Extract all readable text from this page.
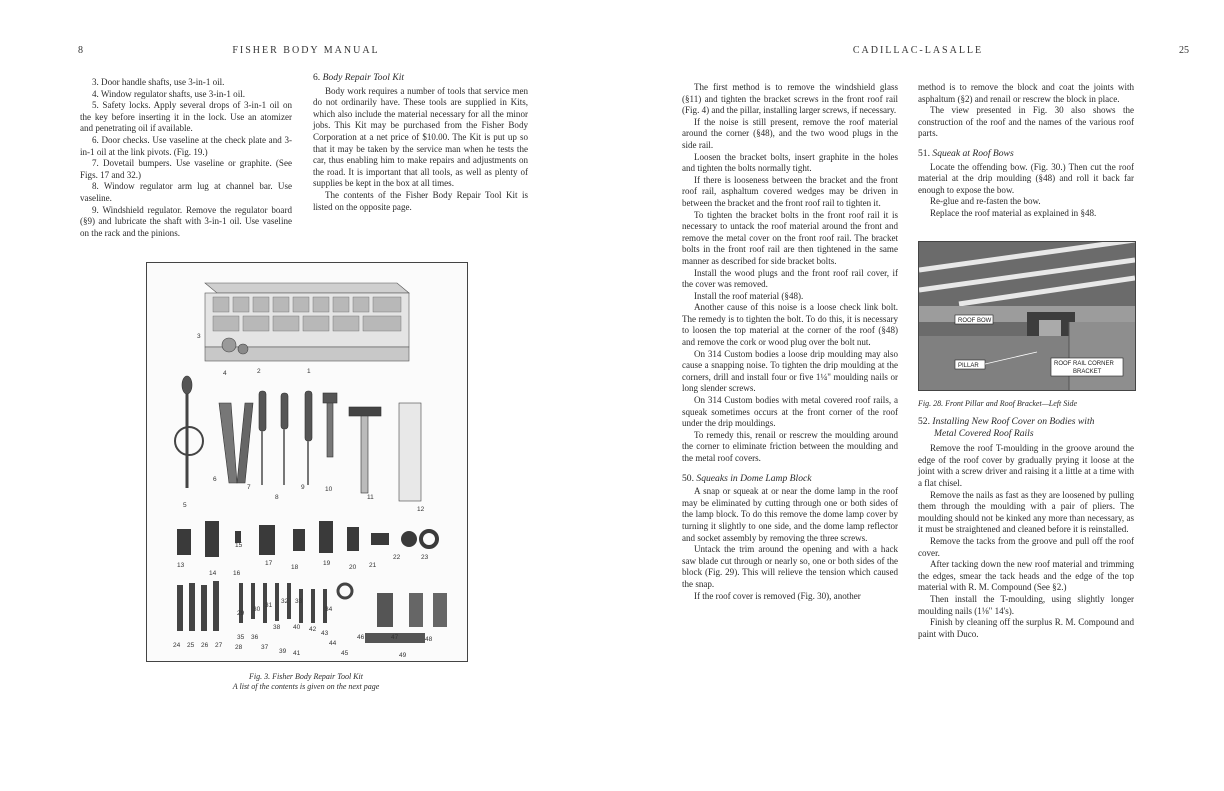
8	FISHER BODY MANUAL

3. Door handle shafts, use 3-in-1 oil.

4. Window regulator shafts, use 3-in-1 oil.

5. Safety locks. Apply several drops of 3-in-1 oil on the key before inserting it in the lock. Use an atomizer and penetrating oil if available.

6. Door checks. Use vaseline at the check plate and 3-in-1 oil at the link pivots. (Fig. 19.)

7. Dovetail bumpers. Use vaseline or graphite. (See Figs. 17 and 32.)

8. Window regulator arm lug at channel bar. Use vaseline.

9. Windshield regulator. Remove the regulator board (§9) and lubricate the shaft with 3-in-1 oil. Use vaseline on the rack and the pinions.

6. Body Repair Tool Kit

Body work requires a number of tools that service men do not ordinarily have. These tools are supplied in Kits, which also include the material necessary for all the minor jobs. This Kit may be purchased from the Fisher Body Corporation at a net price of $10.00. The Kit is put up so that it may be taken by the service man when he tests the car, thus enabling him to make repairs and adjustments on the road. It is important that all tools, as well as plenty of supplies be kept in the box at all times.

The contents of the Fisher Body Repair Tool Kit is listed on the opposite page.

1
2
3
4
5
6
7
8
9	10
11
12
13
14
15
16
17
18
19
20 21
22	23
24 25 26 27 28
29
30
31
32 33
34
35 36
37
38
39
40
41
42
43
44
45
46	47	48
49
Fig. 3. Fisher Body Repair Tool Kit
A list of the contents is given on the next page
CADILLAC-LASALLE	25

The first method is to remove the windshield glass (§11) and tighten the bracket screws in the front roof rail (Fig. 4) and the pillar, installing larger screws, if necessary.

If the noise is still present, remove the roof material around the corner (§48), and the two wood plugs in the side rail.

Loosen the bracket bolts, insert graphite in the holes and tighten the bolts normally tight.

If there is looseness between the bracket and the front roof rail, asphaltum covered wedges may be driven in between the bracket and the front roof rail to tighten it.

To tighten the bracket bolts in the front roof rail it is necessary to untack the roof material around the front and remove the metal cover on the front roof rail. The bracket bolts in the front roof rail are then tightened in the same manner as described for side bracket bolts.

Install the wood plugs and the front roof rail cover, if the cover was removed.

Install the roof material (§48).

Another cause of this noise is a loose check link bolt. The remedy is to tighten the bolt. To do this, it is necessary to loosen the top material at the corner of the roof (§48) and remove the cork or wood plug over the bolt nut.

On 314 Custom bodies a loose drip moulding may also cause a snapping noise. To tighten the drip moulding at the corners, drill and install four or five 1¼" moulding nails or long slender screws.

On 314 Custom bodies with metal covered roof rails, a squeak sometimes occurs at the front corner of the roof under the drip mouldings.

To remedy this, renail or rescrew the moulding around the corner to eliminate friction between the moulding and the metal roof covers.

50. Squeaks in Dome Lamp Block

A snap or squeak at or near the dome lamp in the roof may be eliminated by cutting through one or both sides of the lamp block. To do this remove the dome lamp cover by turning it slightly to one side, and the dome lamp reflector and socket assembly by removing the three screws.

Untack the trim around the opening and with a hack saw blade cut through or nearly so, one or both sides of the block (Fig. 29). This will relieve the tension which caused the snap.

If the roof cover is removed (Fig. 30), another

method is to remove the block and coat the joints with asphaltum (§2) and renail or rescrew the block in place.

The view presented in Fig. 30 also shows the construction of the roof and the names of the various roof parts.

51. Squeak at Roof Bows

Locate the offending bow. (Fig. 30.) Then cut the roof material at the drip moulding (§48) and roll it back far enough to expose the bow.

Re-glue and re-fasten the bow.

Replace the roof material as explained in §48.

ROOF BOW
PILLAR	ROOF RAIL CORNER
BRACKET
Fig. 28. Front Pillar and Roof Bracket—Left Side
52. Installing New Roof Cover on Bodies with
Metal Covered Roof Rails

Remove the roof T-moulding in the groove around the edge of the roof cover by gradually prying it loose at the joint with a screw driver and raising it a little at a time with a flat chisel.

Remove the nails as fast as they are loosened by pulling them through the moulding with a pair of pliers. The moulding should not be kinked any more than necessary, as it must be straightened and cleaned before it is reinstalled.

Remove the tacks from the groove and pull off the roof cover.

After tacking down the new roof material and trimming the edges, smear the tack heads and the edge of the top material with R. M. Compound (See §2.)

Then install the T-moulding, using slightly longer moulding nails (1⅛" 14's).

Finish by cleaning off the surplus R. M. Compound and paint with Duco.
